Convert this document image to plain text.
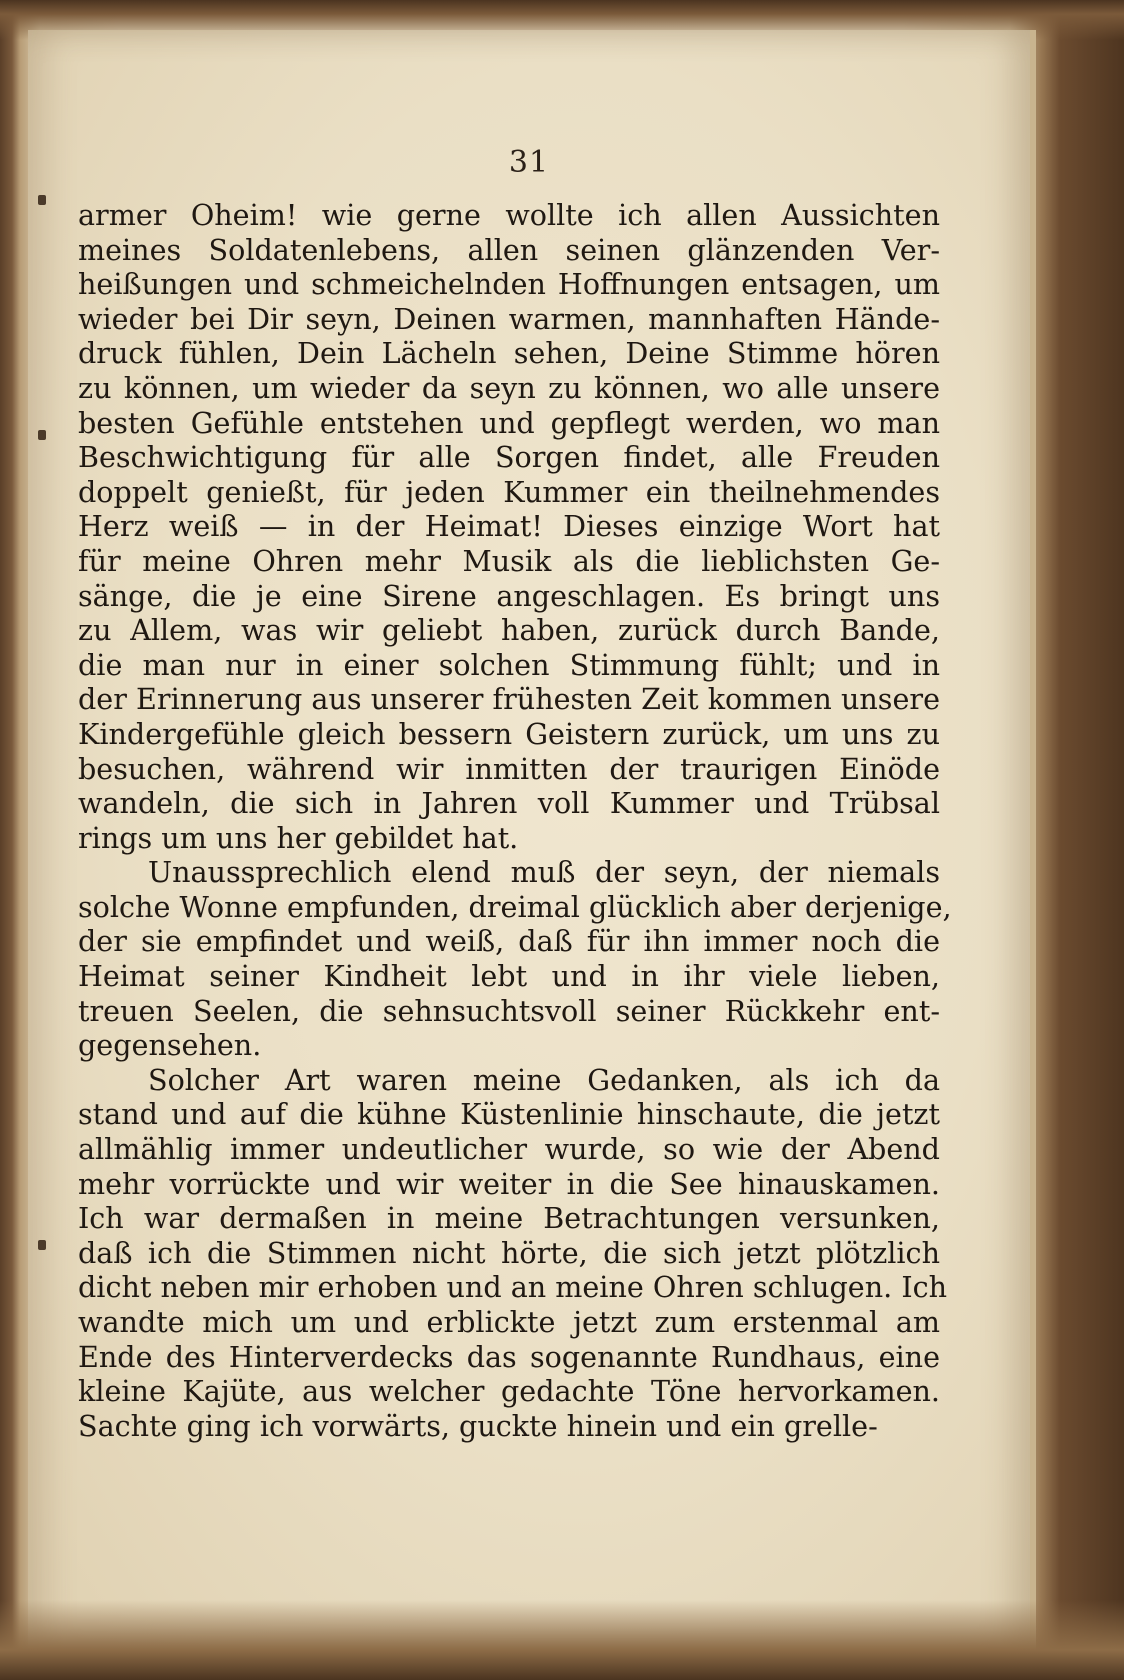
31
armer Oheim! wie gerne wollte ich allen Aussichten
meines Soldatenlebens, allen seinen glänzenden Ver-
heißungen und schmeichelnden Hoffnungen entsagen, um
wieder bei Dir seyn, Deinen warmen, mannhaften Hände-
druck fühlen, Dein Lächeln sehen, Deine Stimme hören
zu können, um wieder da seyn zu können, wo alle unsere
besten Gefühle entstehen und gepflegt werden, wo man
Beschwichtigung für alle Sorgen findet, alle Freuden
doppelt genießt, für jeden Kummer ein theilnehmendes
Herz weiß — in der Heimat! Dieses einzige Wort hat
für meine Ohren mehr Musik als die lieblichsten Ge-
sänge, die je eine Sirene angeschlagen. Es bringt uns
zu Allem, was wir geliebt haben, zurück durch Bande,
die man nur in einer solchen Stimmung fühlt; und in
der Erinnerung aus unserer frühesten Zeit kommen unsere
Kindergefühle gleich bessern Geistern zurück, um uns zu
besuchen, während wir inmitten der traurigen Einöde
wandeln, die sich in Jahren voll Kummer und Trübsal
rings um uns her gebildet hat.
Unaussprechlich elend muß der seyn, der niemals
solche Wonne empfunden, dreimal glücklich aber derjenige,
der sie empfindet und weiß, daß für ihn immer noch die
Heimat seiner Kindheit lebt und in ihr viele lieben,
treuen Seelen, die sehnsuchtsvoll seiner Rückkehr ent-
gegensehen.
Solcher Art waren meine Gedanken, als ich da
stand und auf die kühne Küstenlinie hinschaute, die jetzt
allmählig immer undeutlicher wurde, so wie der Abend
mehr vorrückte und wir weiter in die See hinauskamen.
Ich war dermaßen in meine Betrachtungen versunken,
daß ich die Stimmen nicht hörte, die sich jetzt plötzlich
dicht neben mir erhoben und an meine Ohren schlugen. Ich
wandte mich um und erblickte jetzt zum erstenmal am
Ende des Hinterverdecks das sogenannte Rundhaus, eine
kleine Kajüte, aus welcher gedachte Töne hervorkamen.
Sachte ging ich vorwärts, guckte hinein und ein grelle-
